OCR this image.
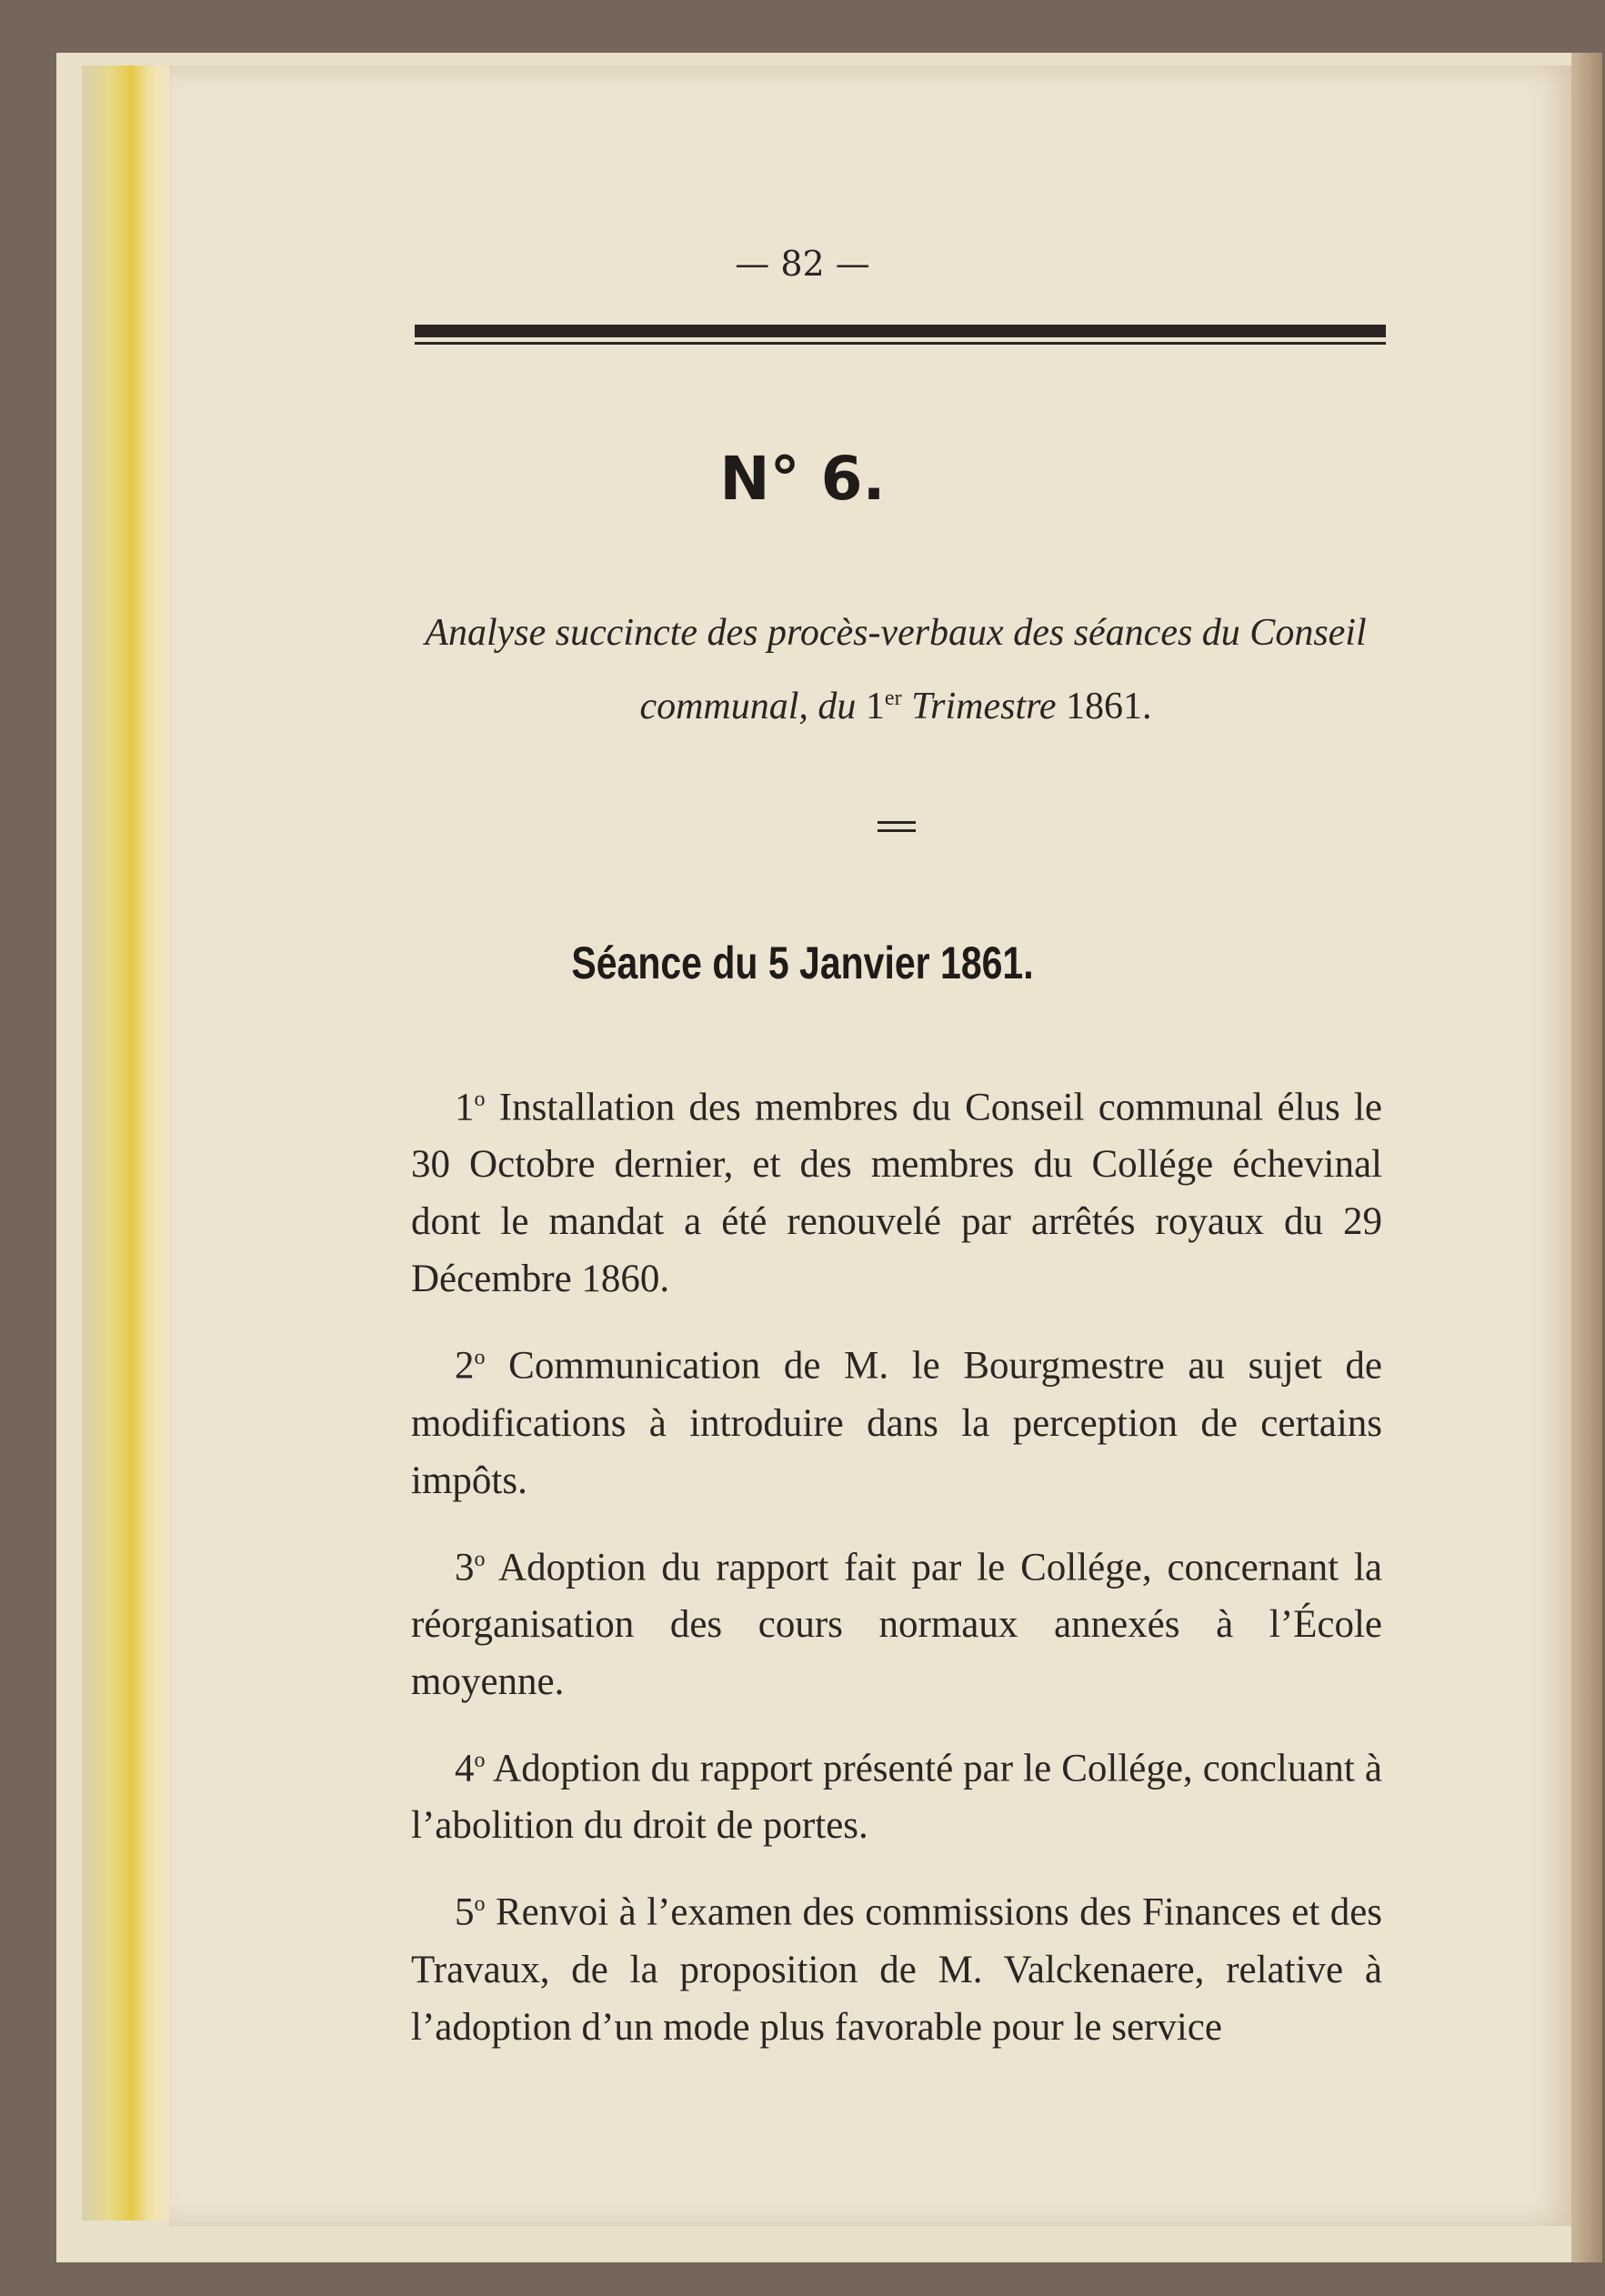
— 82 —
N° 6.
Analyse succincte des procès-verbaux des séances du Conseil
communal, du 1er Trimestre 1861.
Séance du 5 Janvier 1861.

1$^o$ Installation des membres du Conseil communal élus le 30 Octobre dernier, et des membres du Collége échevinal dont le mandat a été renouvelé par arrêtés royaux du 29 Décembre 1860.

2$^o$ Communication de M. le Bourgmestre au sujet de modifications à introduire dans la perception de certains impôts.

3$^o$ Adoption du rapport fait par le Collége, concernant la réorganisation des cours normaux annexés à l’École moyenne.

4$^o$ Adoption du rapport présenté par le Collége, concluant à l’abolition du droit de portes.

5$^o$ Renvoi à l’examen des commissions des Finances et des Travaux, de la proposition de M. Valckenaere, relative à l’adoption d’un mode plus favorable pour le service
